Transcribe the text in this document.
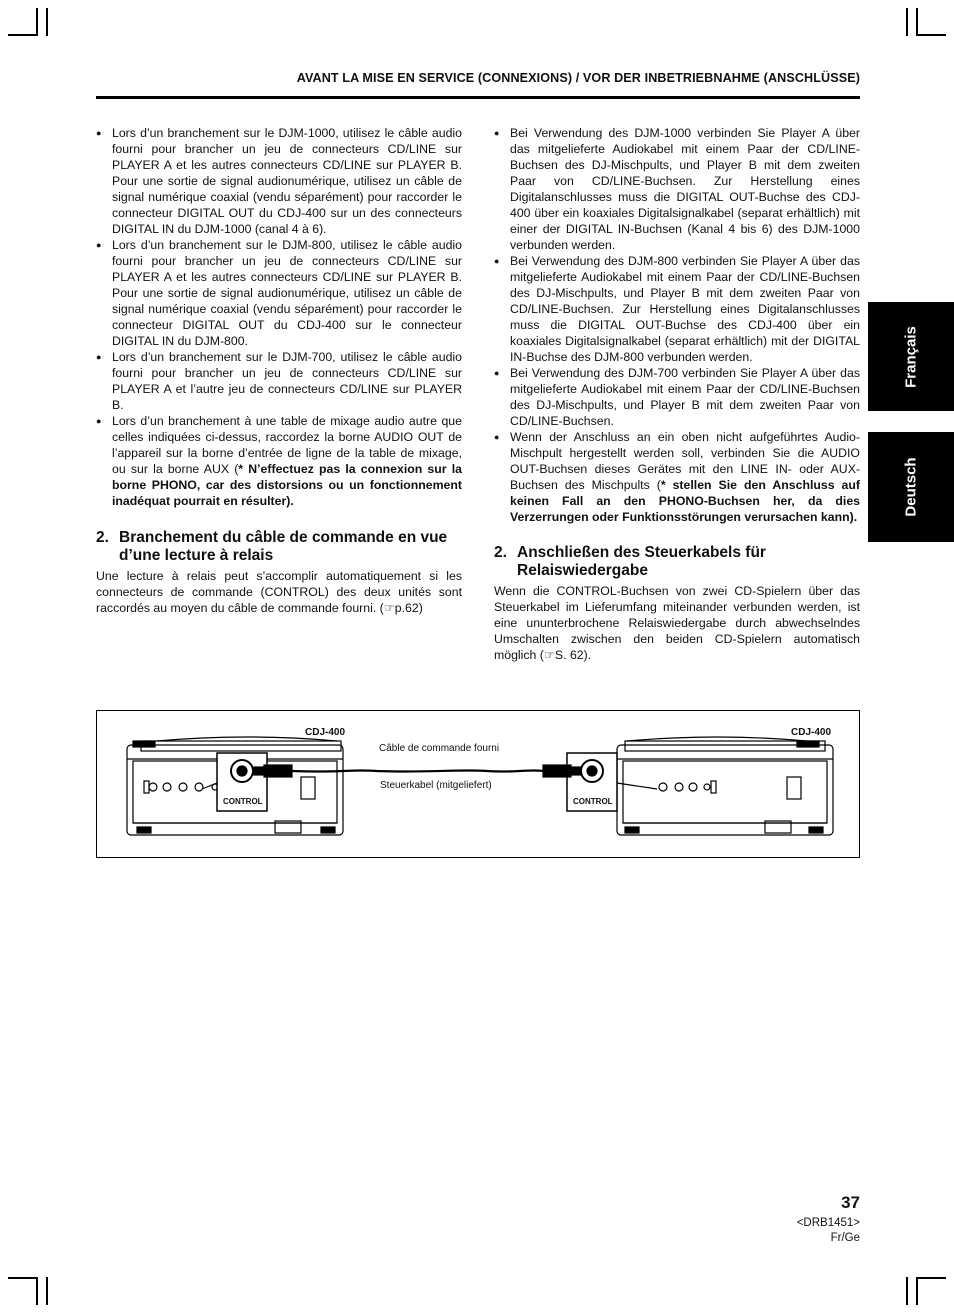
AVANT LA MISE EN SERVICE (CONNEXIONS) / VOR DER INBETRIEBNAHME (ANSCHLÜSSE)
● Lors d’un branchement sur le DJM-1000, utilisez le câble audio fourni pour brancher un jeu de connecteurs CD/LINE sur PLAYER A et les autres connecteurs CD/LINE sur PLAYER B. Pour une sortie de signal audionumérique, utilisez un câble de signal numérique coaxial (vendu séparément) pour raccorder le connecteur DIGITAL OUT du CDJ-400 sur un des connecteurs DIGITAL IN du DJM-1000 (canal 4 à 6).
● Lors d’un branchement sur le DJM-800, utilisez le câble audio fourni pour brancher un jeu de connecteurs CD/LINE sur PLAYER A et les autres connecteurs CD/LINE sur PLAYER B. Pour une sortie de signal audionumérique, utilisez un câble de signal numérique coaxial (vendu séparément) pour raccorder le connecteur DIGITAL OUT du CDJ-400 sur le connecteur DIGITAL IN du DJM-800.
● Lors d’un branchement sur le DJM-700, utilisez le câble audio fourni pour brancher un jeu de connecteurs CD/LINE sur PLAYER A et l’autre jeu de connecteurs CD/LINE sur PLAYER B.
● Lors d’un branchement à une table de mixage audio autre que celles indiquées ci-dessus, raccordez la borne AUDIO OUT de l’appareil sur la borne d’entrée de ligne de la table de mixage, ou sur la borne AUX (* N’effectuez pas la connexion sur la borne PHONO, car des distorsions ou un fonctionnement inadéquat pourrait en résulter).
2. Branchement du câble de commande en vue d’une lecture à relais

Une lecture à relais peut s’accomplir automatiquement si les connecteurs de commande (CONTROL) des deux unités sont raccordés au moyen du câble de commande fourni. (☞p.62)

● Bei Verwendung des DJM-1000 verbinden Sie Player A über das mitgelieferte Audiokabel mit einem Paar der CD/LINE-Buchsen des DJ-Mischpults, und Player B mit dem zweiten Paar von CD/LINE-Buchsen. Zur Herstellung eines Digitalanschlusses muss die DIGITAL OUT-Buchse des CDJ-400 über ein koaxiales Digitalsignalkabel (separat erhältlich) mit einer der DIGITAL IN-Buchsen (Kanal 4 bis 6) des DJM-1000 verbunden werden.
● Bei Verwendung des DJM-800 verbinden Sie Player A über das mitgelieferte Audiokabel mit einem Paar der CD/LINE-Buchsen des DJ-Mischpults, und Player B mit dem zweiten Paar von CD/LINE-Buchsen. Zur Herstellung eines Digitalanschlusses muss die DIGITAL OUT-Buchse des CDJ-400 über ein koaxiales Digitalsignalkabel (separat erhältlich) mit der DIGITAL IN-Buchse des DJM-800 verbunden werden.
● Bei Verwendung des DJM-700 verbinden Sie Player A über das mitgelieferte Audiokabel mit einem Paar der CD/LINE-Buchsen des DJ-Mischpults, und Player B mit dem zweiten Paar von CD/LINE-Buchsen.
● Wenn der Anschluss an ein oben nicht aufgeführtes Audio-Mischpult hergestellt werden soll, verbinden Sie die AUDIO OUT-Buchsen dieses Gerätes mit den LINE IN- oder AUX-Buchsen des Mischpults (* stellen Sie den Anschluss auf keinen Fall an den PHONO-Buchsen her, da dies Verzerrungen oder Funktionsstörungen verursachen kann).
2. Anschließen des Steuerkabels für Relaiswiedergabe

Wenn die CONTROL-Buchsen von zwei CD-Spielern über das Steuerkabel im Lieferumfang miteinander verbunden werden, ist eine ununterbrochene Relaiswiedergabe durch abwechselndes Umschalten zwischen den beiden CD-Spielern automatisch möglich (☞S. 62).

Français
Deutsch
CDJ-400	CDJ-400
Câble de commande fourni
Steuerkabel (mitgeliefert)
CONTROL	CONTROL
37
<DRB1451>
Fr/Ge
